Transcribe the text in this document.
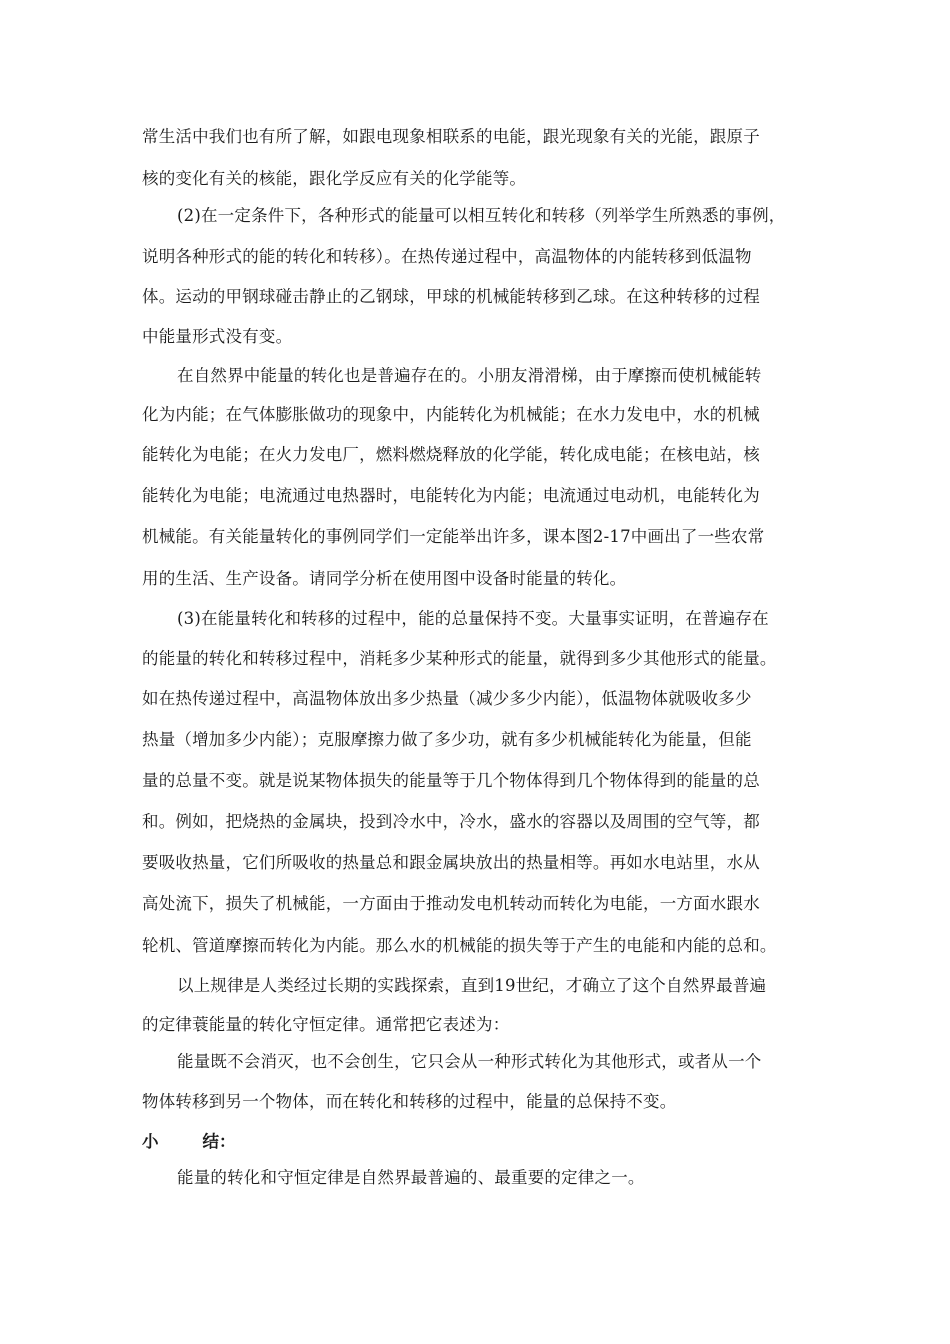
常生活中我们也有所了解，如跟电现象相联系的电能，跟光现象有关的光能，跟原子
核的变化有关的核能，跟化学反应有关的化学能等。
(2)在一定条件下，各种形式的能量可以相互转化和转移（列举学生所熟悉的事例，
说明各种形式的能的转化和转移）。在热传递过程中，高温物体的内能转移到低温物
体。运动的甲钢球碰击静止的乙钢球，甲球的机械能转移到乙球。在这种转移的过程
中能量形式没有变。
在自然界中能量的转化也是普遍存在的。小朋友滑滑梯，由于摩擦而使机械能转
化为内能；在气体膨胀做功的现象中，内能转化为机械能；在水力发电中，水的机械
能转化为电能；在火力发电厂，燃料燃烧释放的化学能，转化成电能；在核电站，核
能转化为电能；电流通过电热器时，电能转化为内能；电流通过电动机，电能转化为
机械能。有关能量转化的事例同学们一定能举出许多，课本图2-17中画出了一些农常
用的生活、生产设备。请同学分析在使用图中设备时能量的转化。
(3)在能量转化和转移的过程中，能的总量保持不变。大量事实证明，在普遍存在
的能量的转化和转移过程中，消耗多少某种形式的能量，就得到多少其他形式的能量。
如在热传递过程中，高温物体放出多少热量（减少多少内能），低温物体就吸收多少
热量（增加多少内能）；克服摩擦力做了多少功，就有多少机械能转化为能量，但能
量的总量不变。就是说某物体损失的能量等于几个物体得到几个物体得到的能量的总
和。例如，把烧热的金属块，投到冷水中，冷水，盛水的容器以及周围的空气等，都
要吸收热量，它们所吸收的热量总和跟金属块放出的热量相等。再如水电站里，水从
高处流下，损失了机械能，一方面由于推动发电机转动而转化为电能，一方面水跟水
轮机、管道摩擦而转化为内能。那么水的机械能的损失等于产生的电能和内能的总和。
以上规律是人类经过长期的实践探索，直到19世纪，才确立了这个自然界最普遍
的定律蓑能量的转化守恒定律。通常把它表述为：
能量既不会消灭，也不会创生，它只会从一种形式转化为其他形式，或者从一个
物体转移到另一个物体，而在转化和转移的过程中，能量的总保持不变。
小	结：
能量的转化和守恒定律是自然界最普遍的、最重要的定律之一。
